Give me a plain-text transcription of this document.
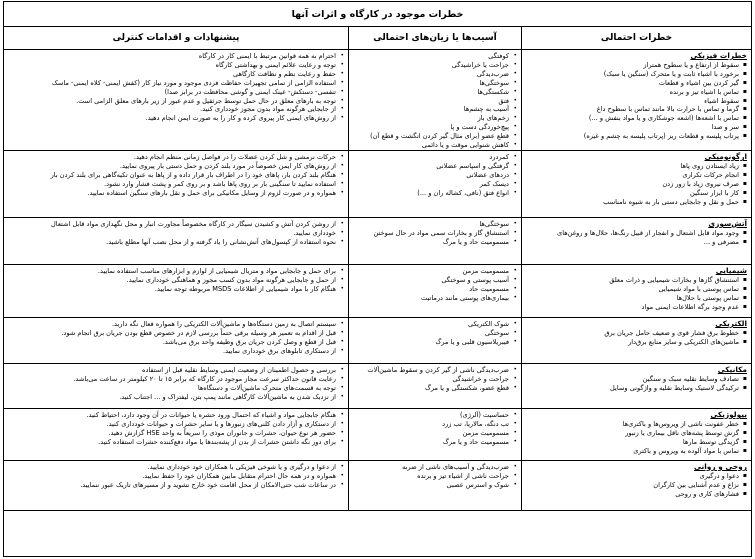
خطرات موجود در کارگاه و اثرات آنها
خطرات احتمالی
آسیب‌ها یا زیان‌های احتمالی
پیشنهادات و اقدامات کنترلی
خطرات فیزیکی
▪ سقوط از ارتفاع و یا سطوح همتراز
▪ برخورد با اشیاء ثابت و یا متحرک (سنگین یا سبک)
▪ گیر کردن بین اشیاء و قطعات
▪ تماس با اشیاء تیز و برنده
▪ سقوط اشیاء
▪ گرما و تماس با حرارت بالا مانند تماس با سطوح داغ
▪ تماس با اشعه‌ها (اشعه جوشکاری و یا مواد بنفش و ...)
▪ سر و صدا
▪ پرتاب پلیسه و قطعات ریز (پرتاب پلیسه به چشم و غیره)
• کوفتگی
• جراحت یا خراشیدگی
• ضرب‌دیدگی
• سوختگی‌ها
• شکستگی‌ها
• فتق
• آسیب به چشم‌ها
• زخم‌های باز
• پیچ‌خوردگی دست و پا
• قطع عضو (برای مثال گیر کردن انگشت و قطع آن)
• کاهش شنوایی موقت و یا دائمی
•
• احترام به همه قوانین مرتبط با ایمنی کار در کارگاه
• توجه و رعایت علائم ایمنی و بهداشتی کارگاه
• حفظ و رعایت نظم و نظافت کارگاهی
• استفاده الزامی از تمامی تجهیزات حفاظت فردی موجود و مورد نیاز کار (کفش ایمنی- کلاه ایمنی- ماسک
• تنفسی- دستکش- عینک ایمنی و گوشی محافظت در برابر صدا)
• توجه به بارهای معلق در حال حمل توسط جرثقیل و عدم عبور از زیر بارهای معلق الزامی است.
• از جابجایی هرگونه مواد بدون مجوز خودداری کنید.
• از روش‌های ایمنی کار پیروی کرده و کار را به صورت ایمن انجام دهید.
ارگونومیکی
▪ زیاد ایستادن روی پاها
▪ انجام حرکات تکراری
▪ صرف نیروی زیاد با زور زدن
▪ کار با ابزار سنگین
▪ حمل و نقل و جابجایی دستی بار به شیوه نامناسب
• کمردرد
• گرفتگی و اسپاسم عضلانی
• دردهای عضلانی
• دیسک کمر
• انواع فتق (نافی، کشاله ران و ...)
• حرکات نرمشی و شل کردن عضلات را در فواصل زمانی منظم انجام دهید.
• از روش‌های کار ایمن خصوصاً در مورد بلند کردن و حمل دستی بار پیروی نمایید.
• هنگام بلند کردن بار، پاهای خود را در اطراف بار قرار داده و از پاها به عنوان تکیه‌گاهی برای بلند کردن بار
• استفاده نمایید تا سنگینی بار بر روی پاها باشد و بر روی کمر و پشت فشار وارد نشود.
• همواره و در صورت لزوم از وسایل مکانیکی برای حمل و نقل بارهای سنگین استفاده نمایید.
آتش‌سوزی
▪ وجود مواد قابل اشتعال و انفجار از قبیل رنگ‌ها، حلال‌ها و روغن‌های
▪ مصرفی و ...
• سوختگی‌ها
• استنشاق گاز و بخارات سمی مواد در حال سوختن
• مسمومیت حاد و یا مرگ
• از روشن کردن آتش و کشیدن سیگار در کارگاه مخصوصاً مجاورت انبار و محل نگهداری مواد قابل اشتعال
• خودداری نمایید.
• نحوه استفاده از کپسول‌های آتش‌نشانی را یاد گرفته و از محل نصب آنها مطلع باشید.
شیمیایی
▪ استنشاق گازها و بخارات شیمیایی و ذرات معلق
▪ تماس پوستی با مواد شیمیایی
▪ تماس پوستی با حلال‌ها
▪ عدم وجود برگه اطلاعات ایمنی مواد
• مسمومیت مزمن
• آسیب پوستی و سوختگی
• مسمومیت حاد
• بیماری‌های پوستی مانند درماتیت
• برای حمل و جابجایی مواد و متریال شیمیایی از لوازم و ابزارهای مناسب استفاده نمایید.
• از حمل و جابجایی هرگونه مواد بدون کسب مجوز و هماهنگی خودداری نمایید.
• هنگام کار با مواد شیمیایی از اطلاعات MSDS مربوطه توجه نمایید.
الکتریکی
▪ خطوط برق فشار قوی و ضعیف حامل جریان برق
▪ ماشین‌های الکتریکی و سایر منابع برق‌دار
• شوک الکتریکی
• سوختگی
• فیبریلاسیون قلبی و یا مرگ
• سیستم اتصال به زمین دستگاه‌ها و ماشین‌آلات الکتریکی را همواره فعال نگه دارید.
• قبل از اقدام به تعمیر هر وسیله برقی حتماً بررسی لازم در خصوص قطع بودن جریان برق انجام شود.
• قبل از قطع و وصل کردن جریان برق وظیفه واحد برق می‌باشد.
• از دستکاری تابلوهای برق خودداری نمایید.
مکانیکی
▪ تصادف وسایط نقلیه سبک و سنگین
▪ ترکیدگی لاستیک وسایط نقلیه و واژگونی وسایل
• ضرب‌دیدگی ناشی از گیر کردن و سقوط ماشین‌آلات
• جراحت و خراشیدگی
• قطع عضو، شکستگی و یا مرگ
• بررسی و حصول اطمینان از وضعیت ایمنی وسایط نقلیه قبل از استفاده
• رعایت قانون حداکثر سرعت مجاز موجود در کارگاه که برابر ۱۵ تا ۲۰ کیلومتر در ساعت می‌باشد.
• توجه به قسمت‌های متحرک ماشین‌آلات و دستگاه‌ها
• از نزدیک شدن به ماشین‌آلات کارگاهی مانند پمپ بتن، لیفتراک و ... اجتناب کنید.
بیولوژیکی
▪ خطر عفونت ناشی از ویروس‌ها و باکتری‌ها
▪ گزش توسط پشه‌های ناقل بیماری یا زنبور
▪ گزیدگی توسط مارها
▪ تماس با مواد آلوده به ویروس و باکتری
• حساسیت (آلرژی)
• تب دنگه، مالاریا، تب زرد
• مسمومیت مزمن
• مسمومیت حاد و یا مرگ
• هنگام جابجایی مواد و اشیاء که احتمال ورود حشره یا حیوانات در آن وجود دارد، احتیاط کنید.
• از دستکاری و آزار دادن کلنی‌های زنبورها و یا سایر حشرات و حیوانات خودداری کنید.
• حضور هر نوع حیوان، حشرات و جانوران موذی را سریعاً به واحد HSE گزارش دهید.
• برای دور نگه داشتن حشرات از بدن از پشه‌بندها یا مواد دفع‌کننده حشرات استفاده کنید.
روحی و روانی
▪ دعوا و درگیری
▪ نزاع و عدم آشنایی بین کارگران
▪ فشارهای کاری و روحی
• ضرب‌دیدگی و آسیب‌های ناشی از ضربه
• جراحت ناشی از اشیاء تیز و برنده
• شوک و استرس عصبی
• از دعوا و درگیری و یا شوخی فیزیکی با همکاران خود خودداری نمایید.
• همواره و در همه حال احترام متقابل مابین همکاران خود را حفظ نمایید.
• در ساعات شب حتی‌الامکان از محل اقامت خود خارج نشوید و از مسیرهای تاریک عبور ننمایید.
